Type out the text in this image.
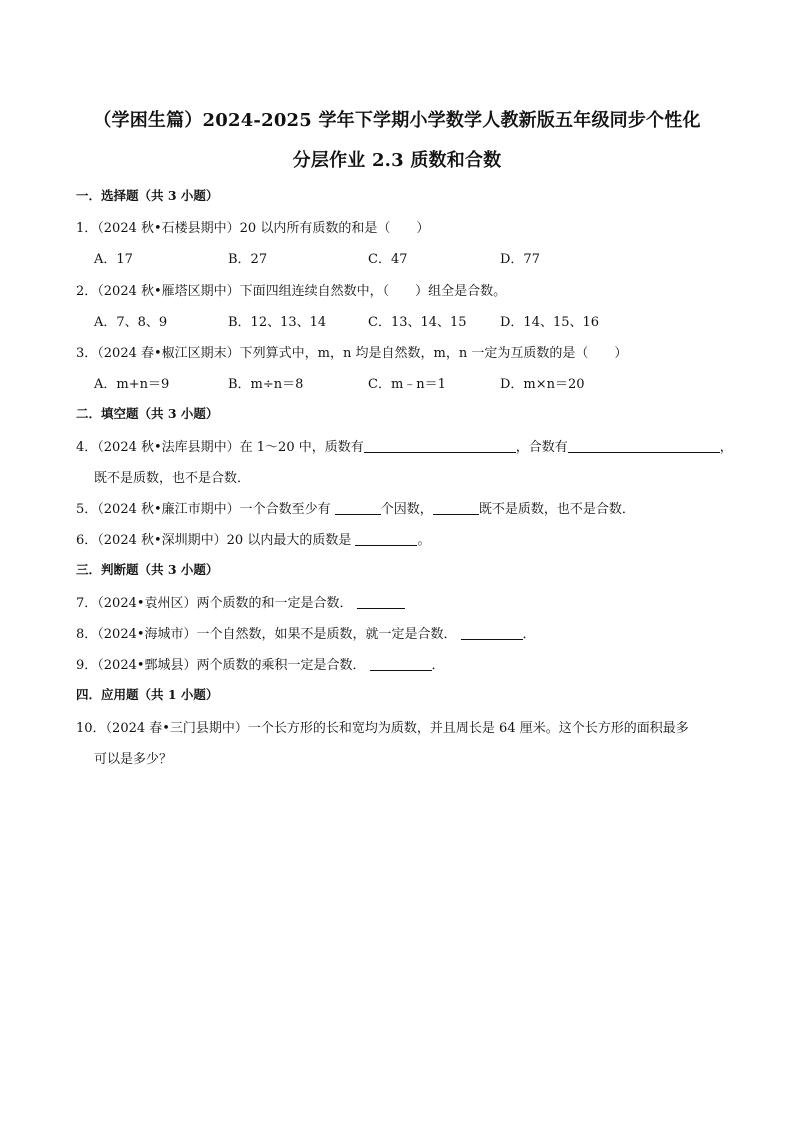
（学困生篇）2024-2025 学年下学期小学数学人教新版五年级同步个性化
分层作业 2.3 质数和合数
一．选择题（共 3 小题）
1．（2024 秋•石楼县期中）20 以内所有质数的和是（　　）
A．17	B．27	C．47	D．77
2．（2024 秋•雁塔区期中）下面四组连续自然数中，（　　）组全是合数。
A．7、8、9	B．12、13、14	C．13、14、15	D．14、15、16
3．（2024 春•椒江区期末）下列算式中，m，n 均是自然数，m，n 一定为互质数的是（　　）
A．m+n＝9	B．m÷n＝8	C．m﹣n＝1	D．m×n＝20
二．填空题（共 3 小题）
4．（2024 秋•法库县期中）在 1～20 中，质数有	，合数有	，
既不是质数，也不是合数．
5．（2024 秋•廉江市期中）一个合数至少有	个因数，	既不是质数，也不是合数．
6．（2024 秋•深圳期中）20 以内最大的质数是	。
三．判断题（共 3 小题）
7．（2024•袁州区）两个质数的和一定是合数．
8．（2024•海城市）一个自然数，如果不是质数，就一定是合数．	．
9．（2024•鄄城县）两个质数的乘积一定是合数．	．
四．应用题（共 1 小题）
10．（2024 春•三门县期中）一个长方形的长和宽均为质数，并且周长是 64 厘米。这个长方形的面积最多
可以是多少？
